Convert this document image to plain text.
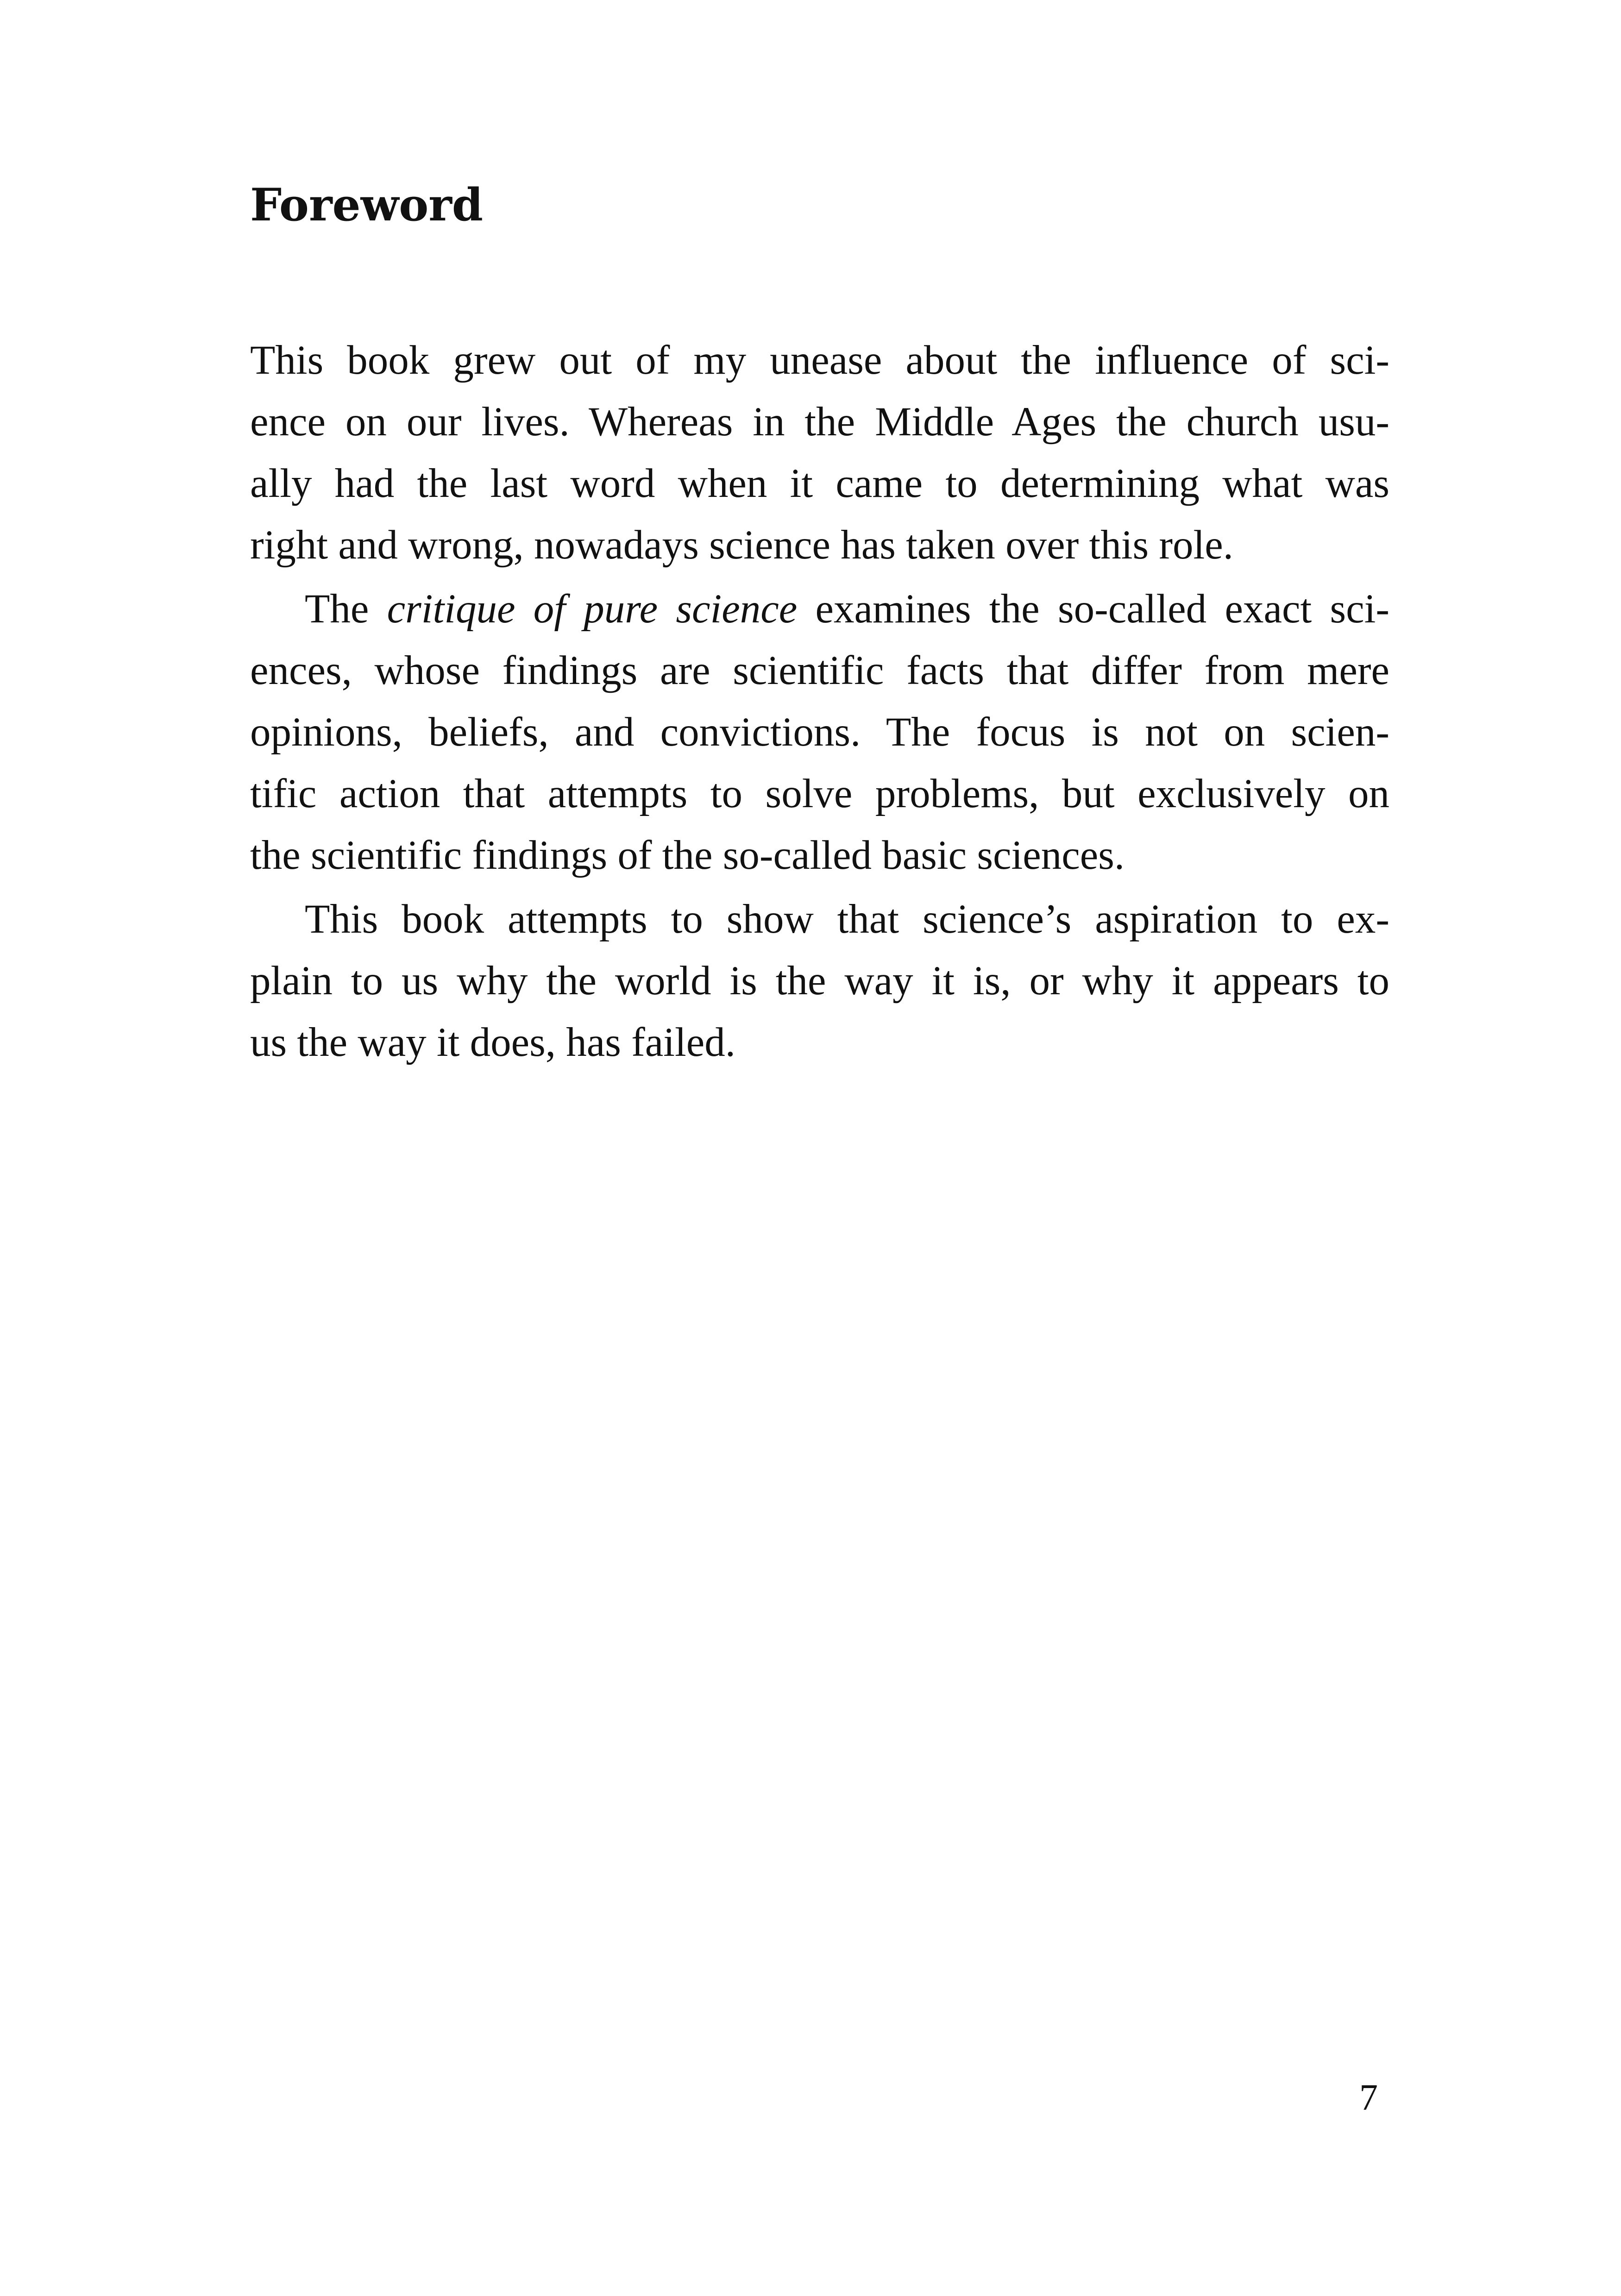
Foreword
This book grew out of my unease about the influence of sci-
ence on our lives. Whereas in the Middle Ages the church usu-
ally had the last word when it came to determining what was
right and wrong, nowadays science has taken over this role.
The critique of pure science examines the so-called exact sci-
ences, whose findings are scientific facts that differ from mere
opinions, beliefs, and convictions. The focus is not on scien-
tific action that attempts to solve problems, but exclusively on
the scientific findings of the so-called basic sciences.
This book attempts to show that science’s aspiration to ex-
plain to us why the world is the way it is, or why it appears to
us the way it does, has failed.

7
